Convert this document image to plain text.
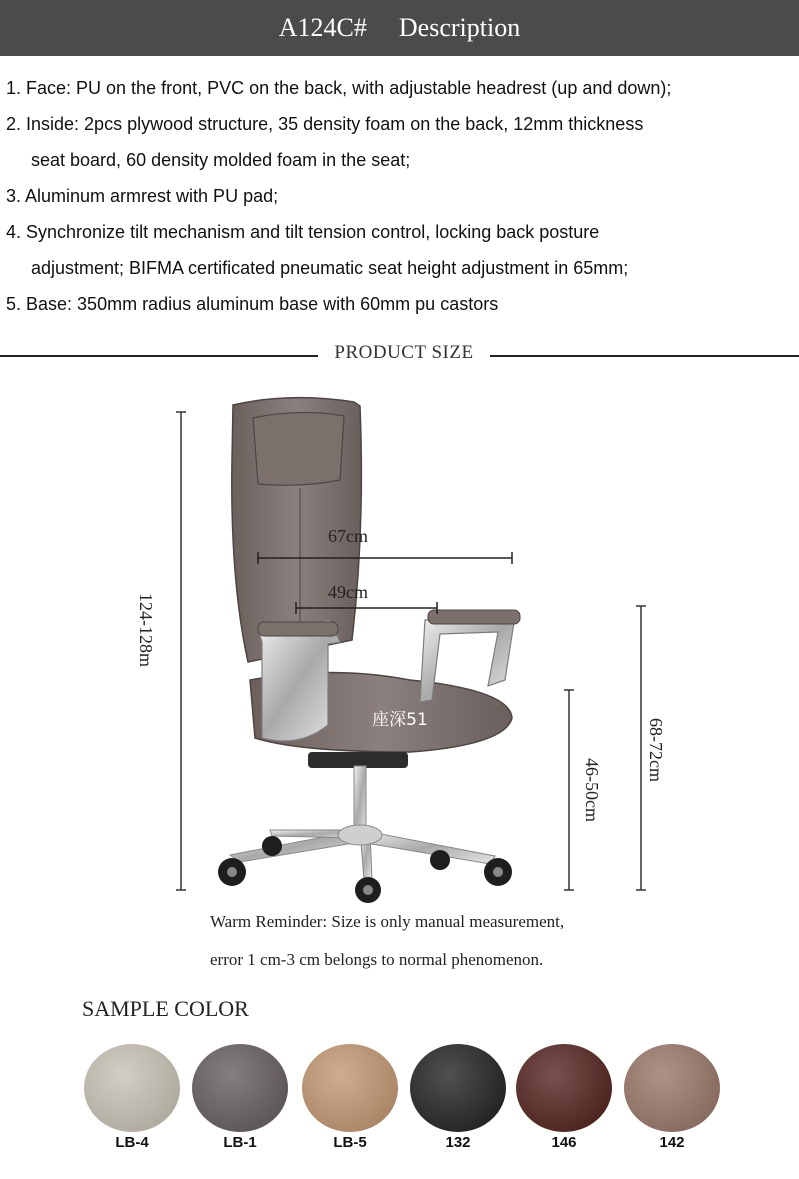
A124C# Description
1. Face: PU on the front, PVC on the back, with adjustable headrest (up and down);
2. Inside: 2pcs plywood structure, 35 density foam on the back, 12mm thickness
seat board, 60 density molded foam in the seat;
3. Aluminum armrest with PU pad;
4. Synchronize tilt mechanism and tilt tension control, locking back posture
adjustment; BIFMA certificated pneumatic seat height adjustment in 65mm;
5. Base: 350mm radius aluminum base with 60mm pu castors
PRODUCT SIZE
124-128m
67cm
49cm
座深51
46-50cm
68-72cm
Warm Reminder: Size is only manual measurement,
error 1 cm-3 cm belongs to normal phenomenon.
SAMPLE COLOR
LB-4	LB-1	LB-5	132	146	142
